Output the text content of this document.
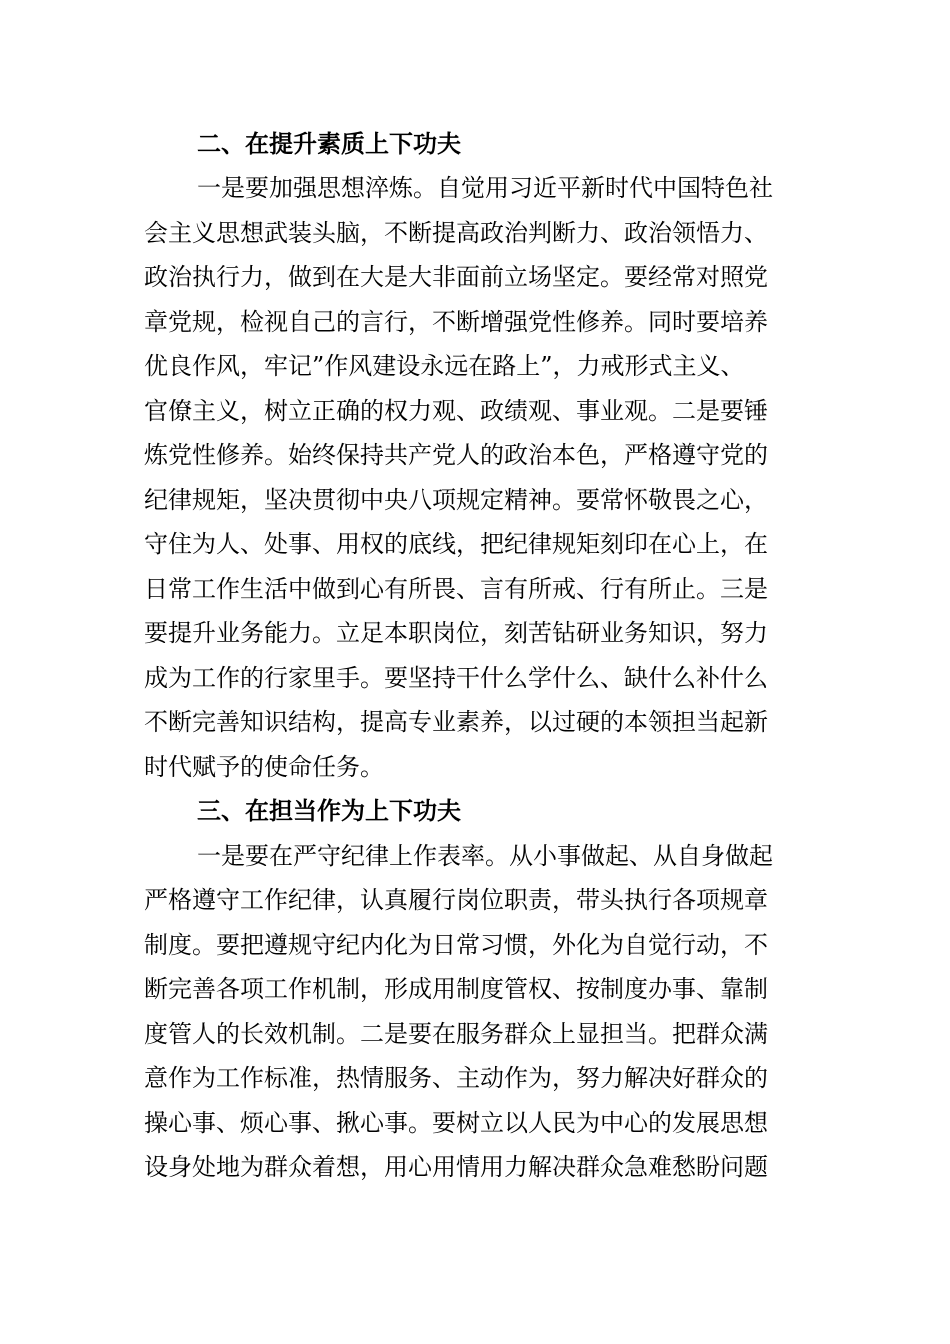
二、在提升素质上下功夫
一是要加强思想淬炼。自觉用习近平新时代中国特色社
会主义思想武装头脑，不断提高政治判断力、政治领悟力、
政治执行力，做到在大是大非面前立场坚定。要经常对照党
章党规，检视自己的言行，不断增强党性修养。同时要培养
优良作风，牢记”作风建设永远在路上”，力戒形式主义、
官僚主义，树立正确的权力观、政绩观、事业观。二是要锤
炼党性修养。始终保持共产党人的政治本色，严格遵守党的
纪律规矩，坚决贯彻中央八项规定精神。要常怀敬畏之心，
守住为人、处事、用权的底线，把纪律规矩刻印在心上，在
日常工作生活中做到心有所畏、言有所戒、行有所止。三是
要提升业务能力。立足本职岗位，刻苦钻研业务知识，努力
成为工作的行家里手。要坚持干什么学什么、缺什么补什么
不断完善知识结构，提高专业素养，以过硬的本领担当起新
时代赋予的使命任务。
三、在担当作为上下功夫
一是要在严守纪律上作表率。从小事做起、从自身做起
严格遵守工作纪律，认真履行岗位职责，带头执行各项规章
制度。要把遵规守纪内化为日常习惯，外化为自觉行动，不
断完善各项工作机制，形成用制度管权、按制度办事、靠制
度管人的长效机制。二是要在服务群众上显担当。把群众满
意作为工作标准，热情服务、主动作为，努力解决好群众的
操心事、烦心事、揪心事。要树立以人民为中心的发展思想
设身处地为群众着想，用心用情用力解决群众急难愁盼问题
